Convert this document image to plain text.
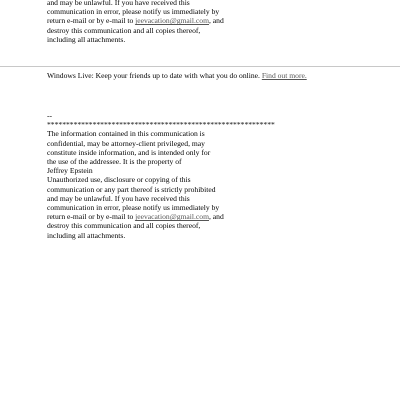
and may be unlawful. If you have received this
communication in error, please notify us immediately by
return e-mail or by e-mail to jeevacation@gmail.com, and
destroy this communication and all copies thereof,
including all attachments.
Windows Live: Keep your friends up to date with what you do online. Find out more.
--
************************************************************
The information contained in this communication is
confidential, may be attorney-client privileged, may
constitute inside information, and is intended only for
the use of the addressee. It is the property of
Jeffrey Epstein
Unauthorized use, disclosure or copying of this
communication or any part thereof is strictly prohibited
and may be unlawful. If you have received this
communication in error, please notify us immediately by
return e-mail or by e-mail to jeevacation@gmail.com, and
destroy this communication and all copies thereof,
including all attachments.
